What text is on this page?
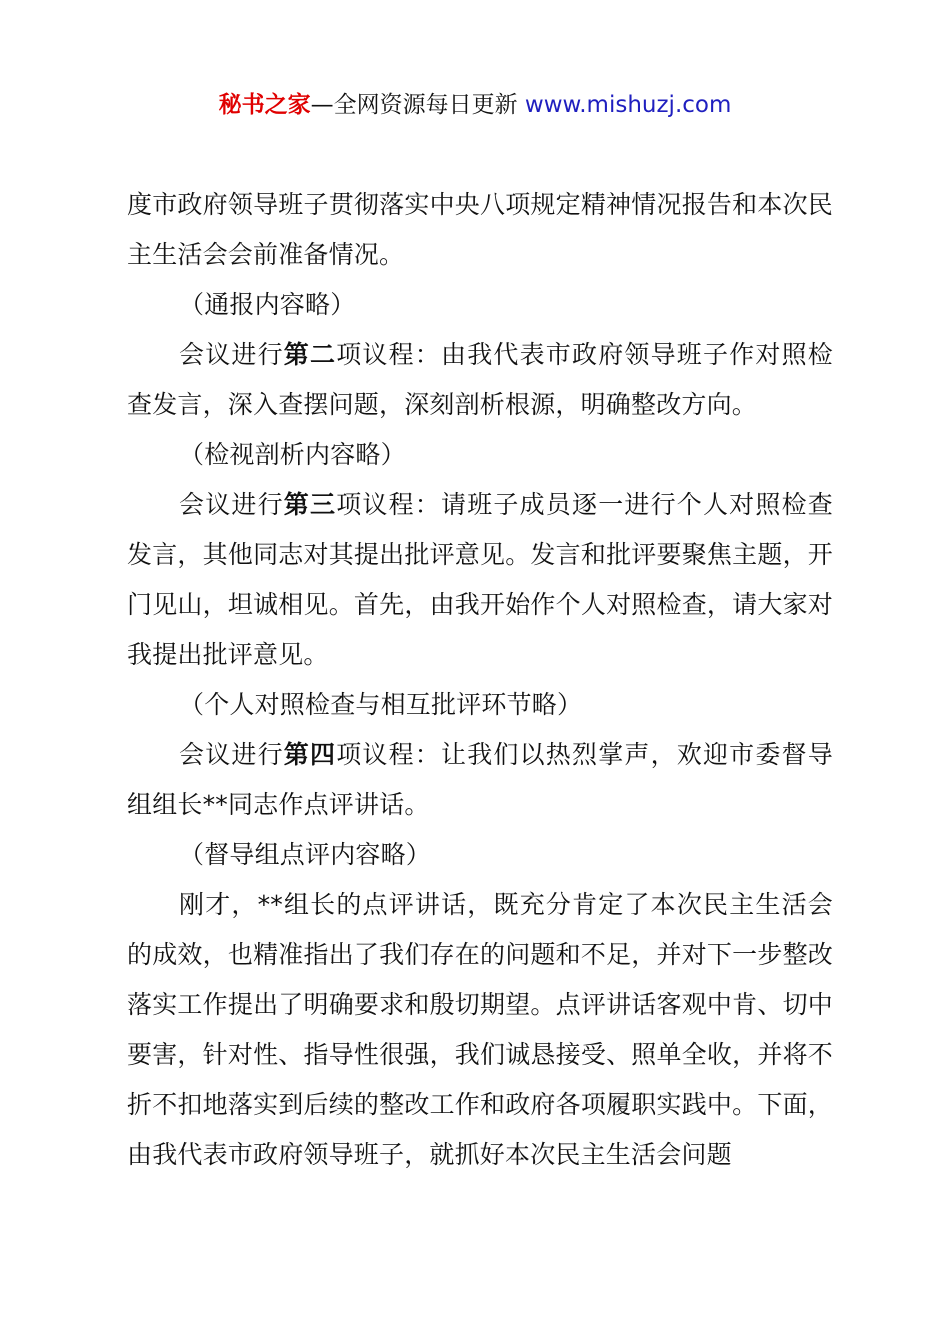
秘书之家—全网资源每日更新 www.mishuzj.com

度市政府领导班子贯彻落实中央八项规定精神情况报告和本次民主生活会会前准备情况。

（通报内容略）

会议进行第二项议程：由我代表市政府领导班子作对照检查发言，深入查摆问题，深刻剖析根源，明确整改方向。

（检视剖析内容略）

会议进行第三项议程：请班子成员逐一进行个人对照检查发言，其他同志对其提出批评意见。发言和批评要聚焦主题，开门见山，坦诚相见。首先，由我开始作个人对照检查，请大家对我提出批评意见。

（个人对照检查与相互批评环节略）

会议进行第四项议程：让我们以热烈掌声，欢迎市委督导组组长**同志作点评讲话。

（督导组点评内容略）

刚才，**组长的点评讲话，既充分肯定了本次民主生活会的成效，也精准指出了我们存在的问题和不足，并对下一步整改落实工作提出了明确要求和殷切期望。点评讲话客观中肯、切中要害，针对性、指导性很强，我们诚恳接受、照单全收，并将不折不扣地落实到后续的整改工作和政府各项履职实践中。下面，由我代表市政府领导班子，就抓好本次民主生活会问题
